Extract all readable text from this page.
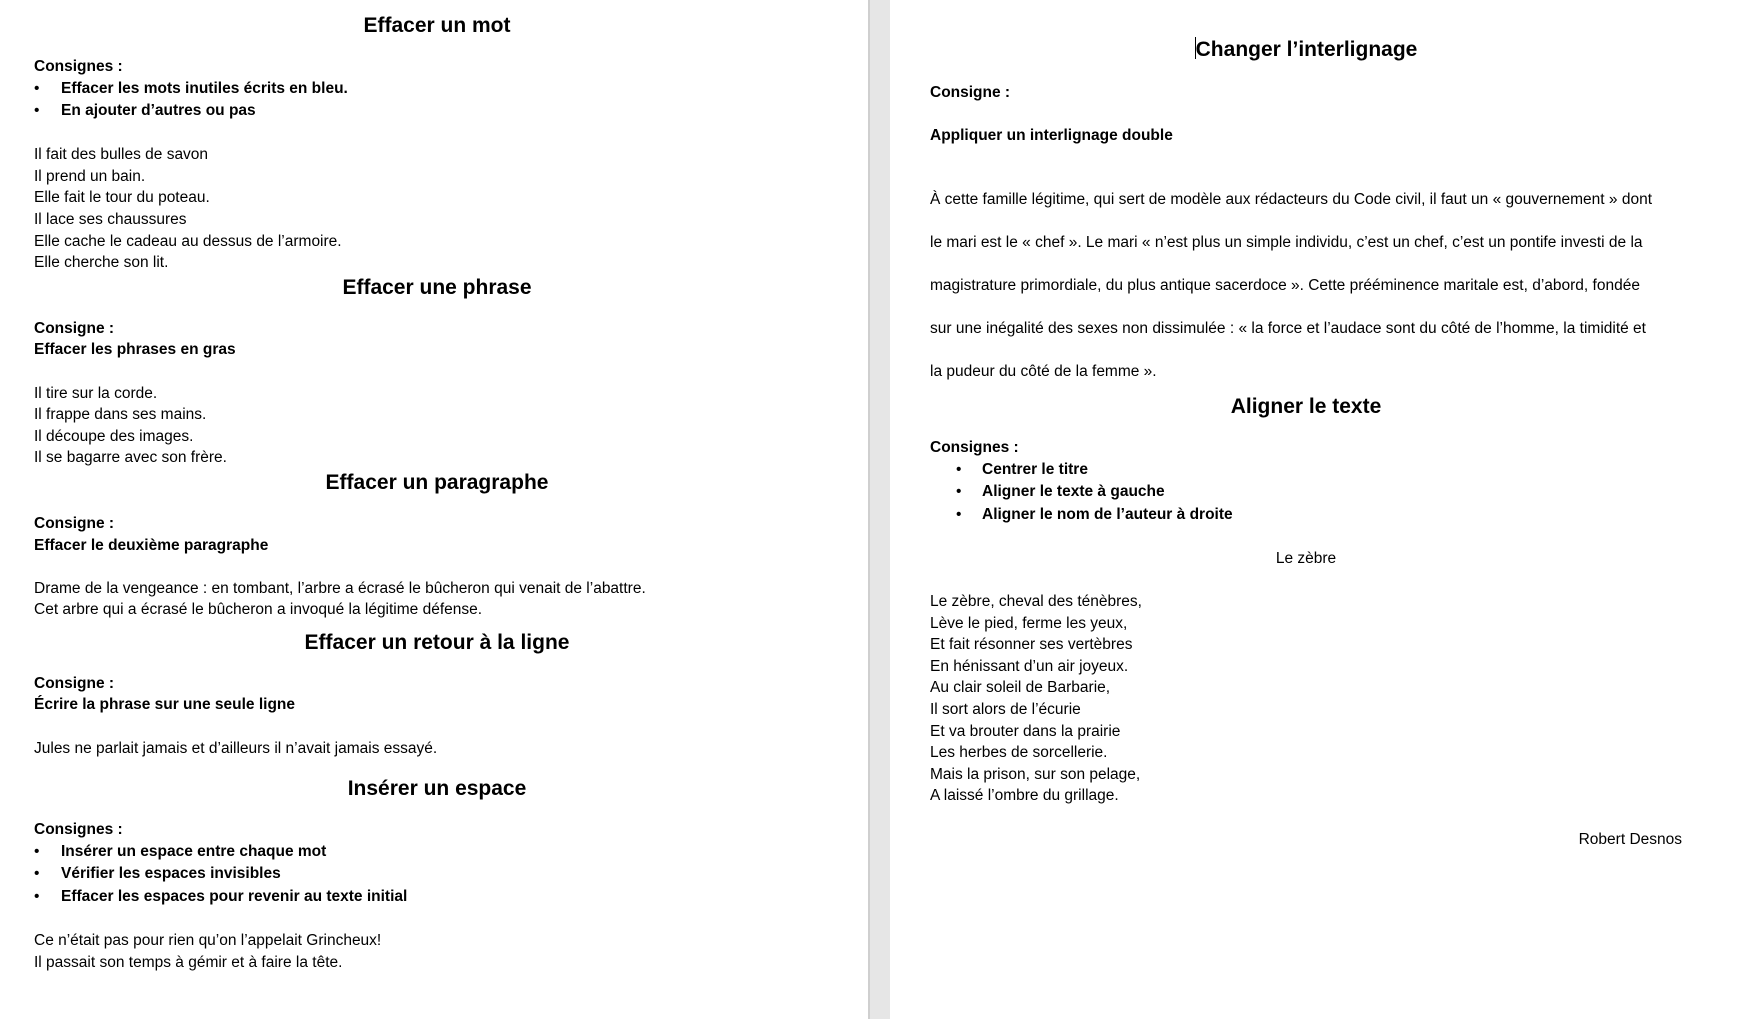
Effacer un mot
Consignes :
• Effacer les mots inutiles écrits en bleu.
• En ajouter d’autres ou pas
Il fait des bulles de savon
Il prend un bain.
Elle fait le tour du poteau.
Il lace ses chaussures
Elle cache le cadeau au dessus de l’armoire.
Elle cherche son lit.
Effacer une phrase
Consigne :
Effacer les phrases en gras
Il tire sur la corde.
Il frappe dans ses mains.
Il découpe des images.
Il se bagarre avec son frère.
Effacer un paragraphe
Consigne :
Effacer le deuxième paragraphe
Drame de la vengeance : en tombant, l’arbre a écrasé le bûcheron qui venait de l’abattre.
Cet arbre qui a écrasé le bûcheron a invoqué la légitime défense.
Effacer un retour à la ligne
Consigne :
Écrire la phrase sur une seule ligne
Jules ne parlait jamais et d’ailleurs il n’avait jamais essayé.
Insérer un espace
Consignes :
• Insérer un espace entre chaque mot
• Vérifier les espaces invisibles
• Effacer les espaces pour revenir au texte initial
Ce n’était pas pour rien qu’on l’appelait Grincheux!
Il passait son temps à gémir et à faire la tête.
Changer l’interlignage
Consigne :
Appliquer un interlignage double
À cette famille légitime, qui sert de modèle aux rédacteurs du Code civil, il faut un « gouvernement » dont
le mari est le « chef ». Le mari « n’est plus un simple individu, c’est un chef, c’est un pontife investi de la
magistrature primordiale, du plus antique sacerdoce ». Cette prééminence maritale est, d’abord, fondée
sur une inégalité des sexes non dissimulée : « la force et l’audace sont du côté de l’homme, la timidité et
la pudeur du côté de la femme ».
Aligner le texte
Consignes :
• Centrer le titre
• Aligner le texte à gauche
• Aligner le nom de l’auteur à droite
Le zèbre
Le zèbre, cheval des ténèbres,
Lève le pied, ferme les yeux,
Et fait résonner ses vertèbres
En hénissant d’un air joyeux.
Au clair soleil de Barbarie,
Il sort alors de l’écurie
Et va brouter dans la prairie
Les herbes de sorcellerie.
Mais la prison, sur son pelage,
A laissé l’ombre du grillage.
Robert Desnos
